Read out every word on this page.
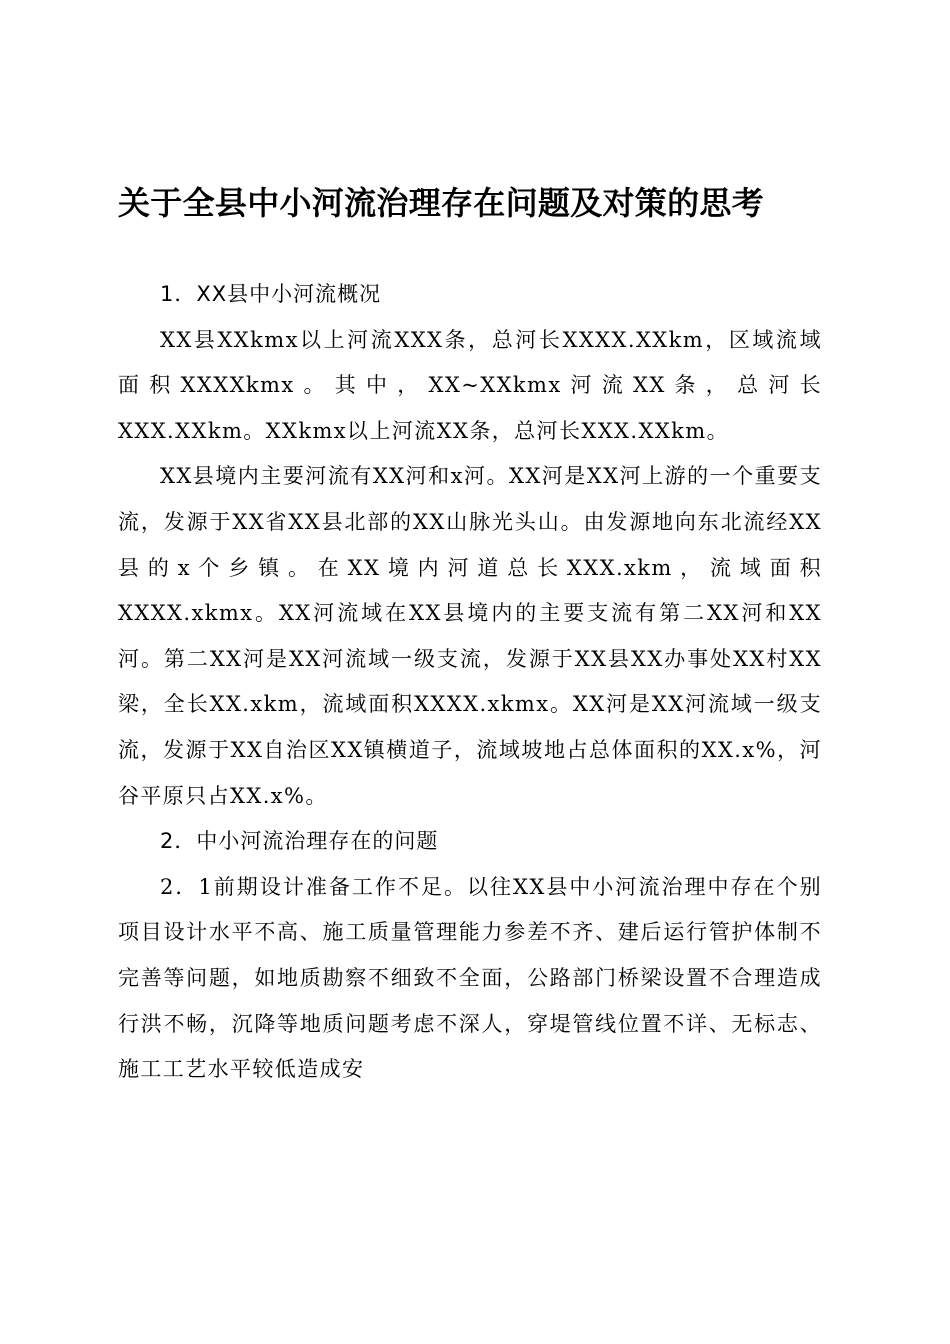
关于全县中小河流治理存在问题及对策的思考

1．XX县中小河流概况

XX县XXkmx以上河流XXX条，总河长XXXX.XXkm，区域流域面积XXXXkmx。其中，XX~XXkmx河流XX条，总河长XXX.XXkm。XXkmx以上河流XX条，总河长XXX.XXkm。

XX县境内主要河流有XX河和x河。XX河是XX河上游的一个重要支流，发源于XX省XX县北部的XX山脉光头山。由发源地向东北流经XX县的x个乡镇。在XX境内河道总长XXX.xkm，流域面积XXXX.xkmx。XX河流域在XX县境内的主要支流有第二XX河和XX河。第二XX河是XX河流域一级支流，发源于XX县XX办事处XX村XX梁，全长XX.xkm，流域面积XXXX.xkmx。XX河是XX河流域一级支流，发源于XX自治区XX镇横道子，流域坡地占总体面积的XX.x%，河谷平原只占XX.x%。

2．中小河流治理存在的问题

2．1前期设计准备工作不足。以往XX县中小河流治理中存在个别项目设计水平不高、施工质量管理能力参差不齐、建后运行管护体制不完善等问题，如地质勘察不细致不全面，公路部门桥梁设置不合理造成行洪不畅，沉降等地质问题考虑不深人，穿堤管线位置不详、无标志、施工工艺水平较低造成安
